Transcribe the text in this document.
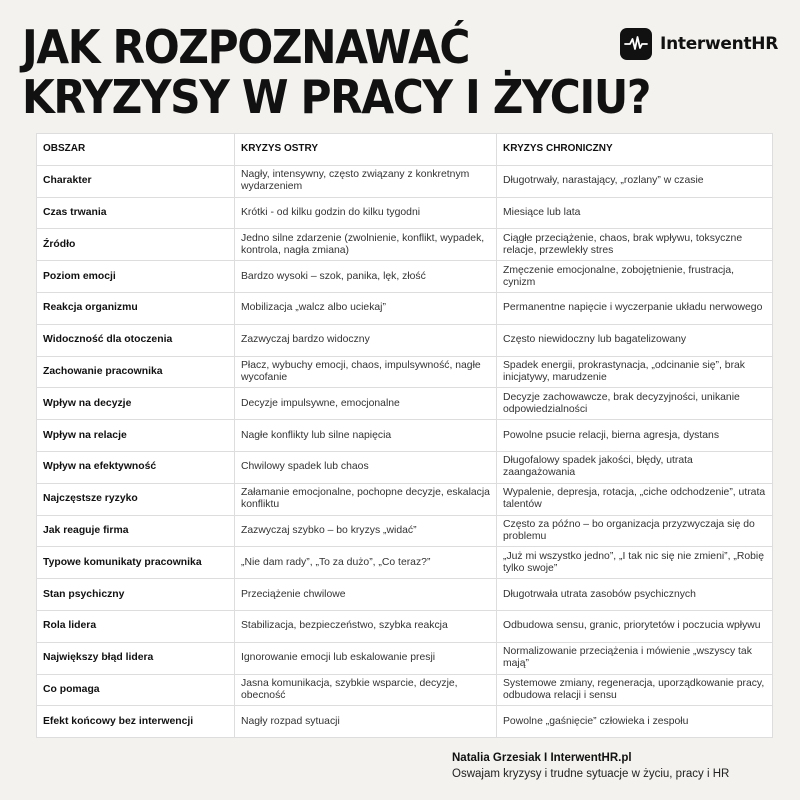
JAK ROZPOZNAWAĆ
KRYZYSY W PRACY I ŻYCIU?
InterwentHR
OBSZAR	KRYZYS OSTRY	KRYZYS CHRONICZNY
Charakter	Nagły, intensywny, często związany z konkretnym wydarzeniem	Długotrwały, narastający, „rozlany” w czasie
Czas trwania	Krótki - od kilku godzin do kilku tygodni	Miesiące lub lata
Źródło	Jedno silne zdarzenie (zwolnienie, konflikt, wypadek, kontrola, nagła zmiana)	Ciągłe przeciążenie, chaos, brak wpływu, toksyczne relacje, przewlekły stres
Poziom emocji	Bardzo wysoki – szok, panika, lęk, złość	Zmęczenie emocjonalne, zobojętnienie, frustracja, cynizm
Reakcja organizmu	Mobilizacja „walcz albo uciekaj”	Permanentne napięcie i wyczerpanie układu nerwowego
Widoczność dla otoczenia	Zazwyczaj bardzo widoczny	Często niewidoczny lub bagatelizowany
Zachowanie pracownika	Płacz, wybuchy emocji, chaos, impulsywność, nagłe wycofanie	Spadek energii, prokrastynacja, „odcinanie się”, brak inicjatywy, marudzenie
Wpływ na decyzje	Decyzje impulsywne, emocjonalne	Decyzje zachowawcze, brak decyzyjności, unikanie odpowiedzialności
Wpływ na relacje	Nagłe konflikty lub silne napięcia	Powolne psucie relacji, bierna agresja, dystans
Wpływ na efektywność	Chwilowy spadek lub chaos	Długofalowy spadek jakości, błędy, utrata zaangażowania
Najczęstsze ryzyko	Załamanie emocjonalne, pochopne decyzje, eskalacja konfliktu	Wypalenie, depresja, rotacja, „ciche odchodzenie”, utrata talentów
Jak reaguje firma	Zazwyczaj szybko – bo kryzys „widać”	Często za późno – bo organizacja przyzwyczaja się do problemu
Typowe komunikaty pracownika	„Nie dam rady”, „To za dużo”, „Co teraz?”	„Już mi wszystko jedno”, „I tak nic się nie zmieni”, „Robię tylko swoje”
Stan psychiczny	Przeciążenie chwilowe	Długotrwała utrata zasobów psychicznych
Rola lidera	Stabilizacja, bezpieczeństwo, szybka reakcja	Odbudowa sensu, granic, priorytetów i poczucia wpływu
Największy błąd lidera	Ignorowanie emocji lub eskalowanie presji	Normalizowanie przeciążenia i mówienie „wszyscy tak mają”
Co pomaga	Jasna komunikacja, szybkie wsparcie, decyzje, obecność	Systemowe zmiany, regeneracja, uporządkowanie pracy, odbudowa relacji i sensu
Efekt końcowy bez interwencji	Nagły rozpad sytuacji	Powolne „gaśnięcie” człowieka i zespołu
Natalia Grzesiak I InterwentHR.pl
Oswajam kryzysy i trudne sytuacje w życiu, pracy i HR
